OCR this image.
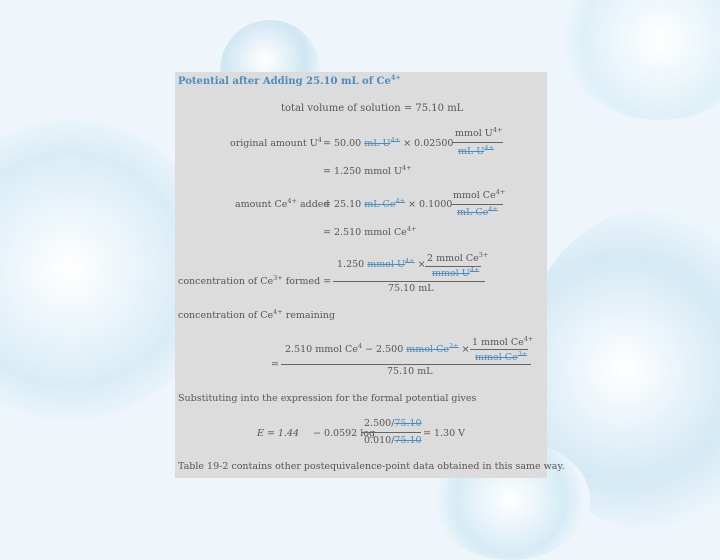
Potential after Adding 25.10 mL of $Ce^{4+}$
total volume of solution = 75.10 mL
original amount $U^4 = 50.00$ mL $U^{4+} \times 0.02500$
mmol $U^{4+}$
mL $U^{4+}$
= 1.250 mmol $U^{4+}$
amount $Ce^{4+}$ added
= 25.10 mL $Ce^{4+} \times 0.1000$
mmol $Ce^{4+}$
mL $Ce^{4+}$
= 2.510 mmol $Ce^{4+}$
1.250 mmol $U^{4+}$ ×
2 mmol $Ce^{3+}$
mmol $U^{4+}$
concentration of $Ce^{3+}$ formed =
75.10 mL
concentration of $Ce^{4+}$ remaining
2.510 mmol $Ce^4 - 2.500$ mmol $Ce^{3+}$ ×
1 mmol $Ce^{4+}$
mmol $Ce^{3+}$
=
75.10 mL
Substituting into the expression for the formal potential gives
E = 1.44 − 0.0592 log
2.500/75.10
0.010/75.10
= 1.30 V
Table 19-2 contains other postequivalence-point data obtained in this same way.
